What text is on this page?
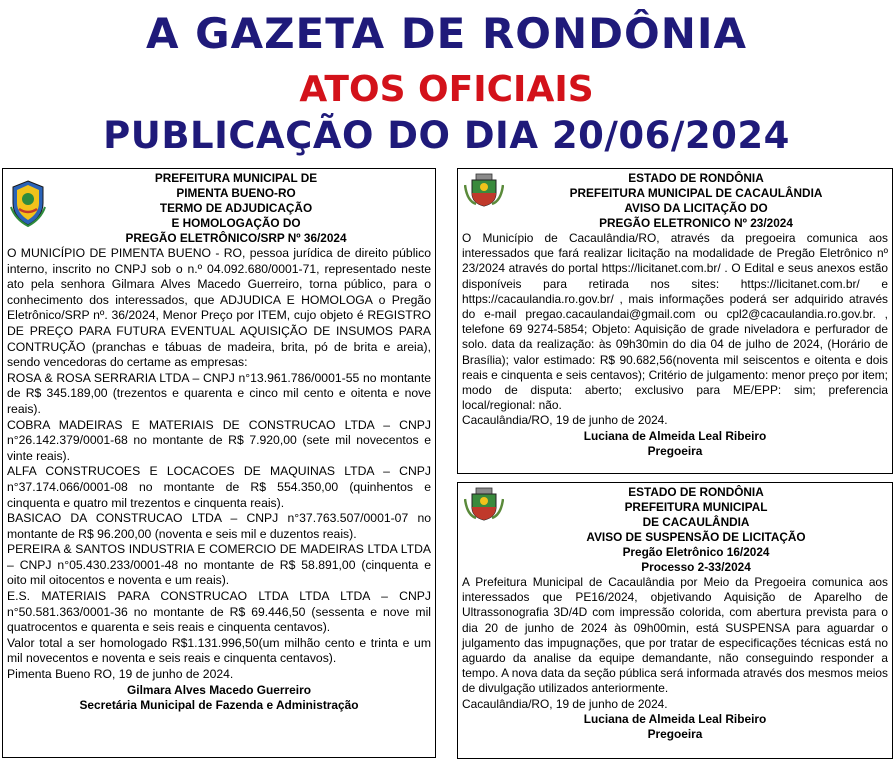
A GAZETA DE RONDÔNIA
ATOS OFICIAIS
PUBLICAÇÃO DO DIA 20/06/2024
PREFEITURA MUNICIPAL DE
PIMENTA BUENO-RO
TERMO DE ADJUDICAÇÃO
E HOMOLOGAÇÃO DO
PREGÃO ELETRÔNICO/SRP Nº 36/2024

O MUNICÍPIO DE PIMENTA BUENO - RO, pessoa jurídica de direito público interno, inscrito no CNPJ sob o n.º 04.092.680/0001-71, representado neste ato pela senhora Gilmara Alves Macedo Guerreiro, torna público, para o conhecimento dos interessados, que ADJUDICA E HOMOLOGA o Pregão Eletrônico/SRP nº. 36/2024, Menor Preço por ITEM, cujo objeto é REGISTRO DE PREÇO PARA FUTURA EVENTUAL AQUISIÇÃO DE INSUMOS PARA CONTRUÇÃO (pranchas e tábuas de madeira, brita, pó de brita e areia), sendo vencedoras do certame as empresas:

ROSA & ROSA SERRARIA LTDA – CNPJ n°13.961.786/0001-55 no montante de R$ 345.189,00 (trezentos e quarenta e cinco mil cento e oitenta e nove reais).

COBRA MADEIRAS E MATERIAIS DE CONSTRUCAO LTDA – CNPJ n°26.142.379/0001-68 no montante de R$ 7.920,00 (sete mil novecentos e vinte reais).

ALFA CONSTRUCOES E LOCACOES DE MAQUINAS LTDA – CNPJ n°37.174.066/0001-08 no montante de R$ 554.350,00 (quinhentos e cinquenta e quatro mil trezentos e cinquenta reais).

BASICAO DA CONSTRUCAO LTDA – CNPJ n°37.763.507/0001-07 no montante de R$ 96.200,00 (noventa e seis mil e duzentos reais).

PEREIRA & SANTOS INDUSTRIA E COMERCIO DE MADEIRAS LTDA LTDA – CNPJ n°05.430.233/0001-48 no montante de R$ 58.891,00 (cinquenta e oito mil oitocentos e noventa e um reais).

E.S. MATERIAIS PARA CONSTRUCAO LTDA LTDA LTDA – CNPJ n°50.581.363/0001-36 no montante de R$ 69.446,50 (sessenta e nove mil quatrocentos e quarenta e seis reais e cinquenta centavos).

Valor total a ser homologado R$1.131.996,50(um milhão cento e trinta e um mil novecentos e noventa e seis reais e cinquenta centavos).

Pimenta Bueno RO, 19 de junho de 2024.

Gilmara Alves Macedo Guerreiro
Secretária Municipal de Fazenda e Administração
ESTADO DE RONDÔNIA
PREFEITURA MUNICIPAL DE CACAULÂNDIA
AVISO DA LICITAÇÃO DO
PREGÃO ELETRONICO Nº 23/2024

O Município de Cacaulândia/RO, através da pregoeira comunica aos interessados que fará realizar licitação na modalidade de Pregão Eletrônico nº 23/2024 através do portal https://licitanet.com.br/ . O Edital e seus anexos estão disponíveis para retirada nos sites: https://licitanet.com.br/ e https://cacaulandia.ro.gov.br/ , mais informações poderá ser adquirido através do e-mail pregao.cacaulandai@gmail.com ou cpl2@cacaulandia.ro.gov.br. , telefone 69 9274-5854; Objeto: Aquisição de grade niveladora e perfurador de solo. data da realização: às 09h30min do dia 04 de julho de 2024, (Horário de Brasília); valor estimado: R$ 90.682,56(noventa mil seiscentos e oitenta e dois reais e cinquenta e seis centavos); Critério de julgamento: menor preço por item; modo de disputa: aberto; exclusivo para ME/EPP: sim; preferencia local/regional: não.

Cacaulândia/RO, 19 de junho de 2024.

Luciana de Almeida Leal Ribeiro
Pregoeira
ESTADO DE RONDÔNIA
PREFEITURA MUNICIPAL
DE CACAULÂNDIA
AVISO DE SUSPENSÃO DE LICITAÇÃO
Pregão Eletrônico 16/2024
Processo 2-33/2024

A Prefeitura Municipal de Cacaulândia por Meio da Pregoeira comunica aos interessados que PE16/2024, objetivando Aquisição de Aparelho de Ultrassonografia 3D/4D com impressão colorida, com abertura prevista para o dia 20 de junho de 2024 às 09h00min, está SUSPENSA para aguardar o julgamento das impugnações, que por tratar de especificações técnicas está no aguardo da analise da equipe demandante, não conseguindo responder a tempo. A nova data da seção pública será informada através dos mesmos meios de divulgação utilizados anteriormente.

Cacaulândia/RO, 19 de junho de 2024.

Luciana de Almeida Leal Ribeiro
Pregoeira
